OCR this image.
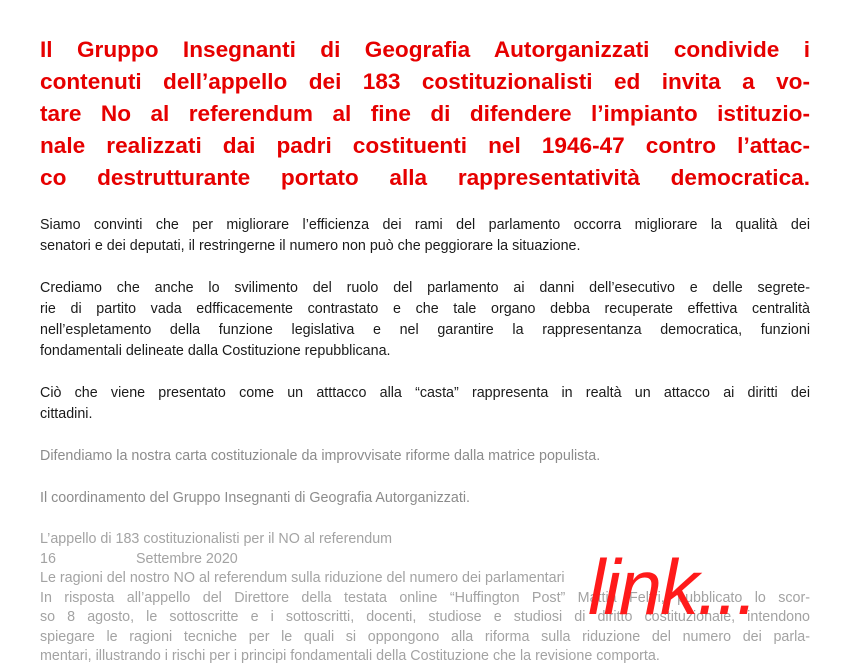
Il Gruppo Insegnanti di Geografia Autorganizzati condivide i
contenuti dell’appello dei 183 costituzionalisti ed invita a vo-
tare No al referendum al fine di difendere l’impianto istituzio-
nale realizzati dai padri costituenti nel 1946-47 contro l’attac-
co destrutturante portato alla rappresentatività democratica.

Siamo convinti che per migliorare l’efficienza dei rami del parlamento occorra migliorare la qualità dei
senatori e dei deputati, il restringerne il numero non può che peggiorare la situazione.

Crediamo che anche lo svilimento del ruolo del parlamento ai danni dell’esecutivo e delle segrete-
rie di partito vada edfficacemente contrastato e che tale organo debba recuperate effettiva centralità
nell’espletamento della funzione legislativa e nel garantire la rappresentanza democratica, funzioni
fondamentali delineate dalla Costituzione repubblicana.

Ciò che viene presentato come un atttacco alla “casta” rappresenta in realtà un attacco ai diritti dei
cittadini.

Difendiamo la nostra carta costituzionale da improvvisate riforme dalla matrice populista.

Il coordinamento del Gruppo Insegnanti di Geografia Autorganizzati.

L’appello di 183 costituzionalisti per il NO al referendum
16	Settembre 2020
Le ragioni del nostro NO al referendum sulla riduzione del numero dei parlamentari
In risposta all’appello del Direttore della testata online “Huffington Post” Mattia Feltri, pubblicato lo scor-
so 8 agosto, le sottoscritte e i sottoscritti, docenti, studiose e studiosi di diritto costituzionale, intendono
spiegare le ragioni tecniche per le quali si oppongono alla riforma sulla riduzione del numero dei parla-
mentari, illustrando i rischi per i principi fondamentali della Costituzione che la revisione comporta.
link...
